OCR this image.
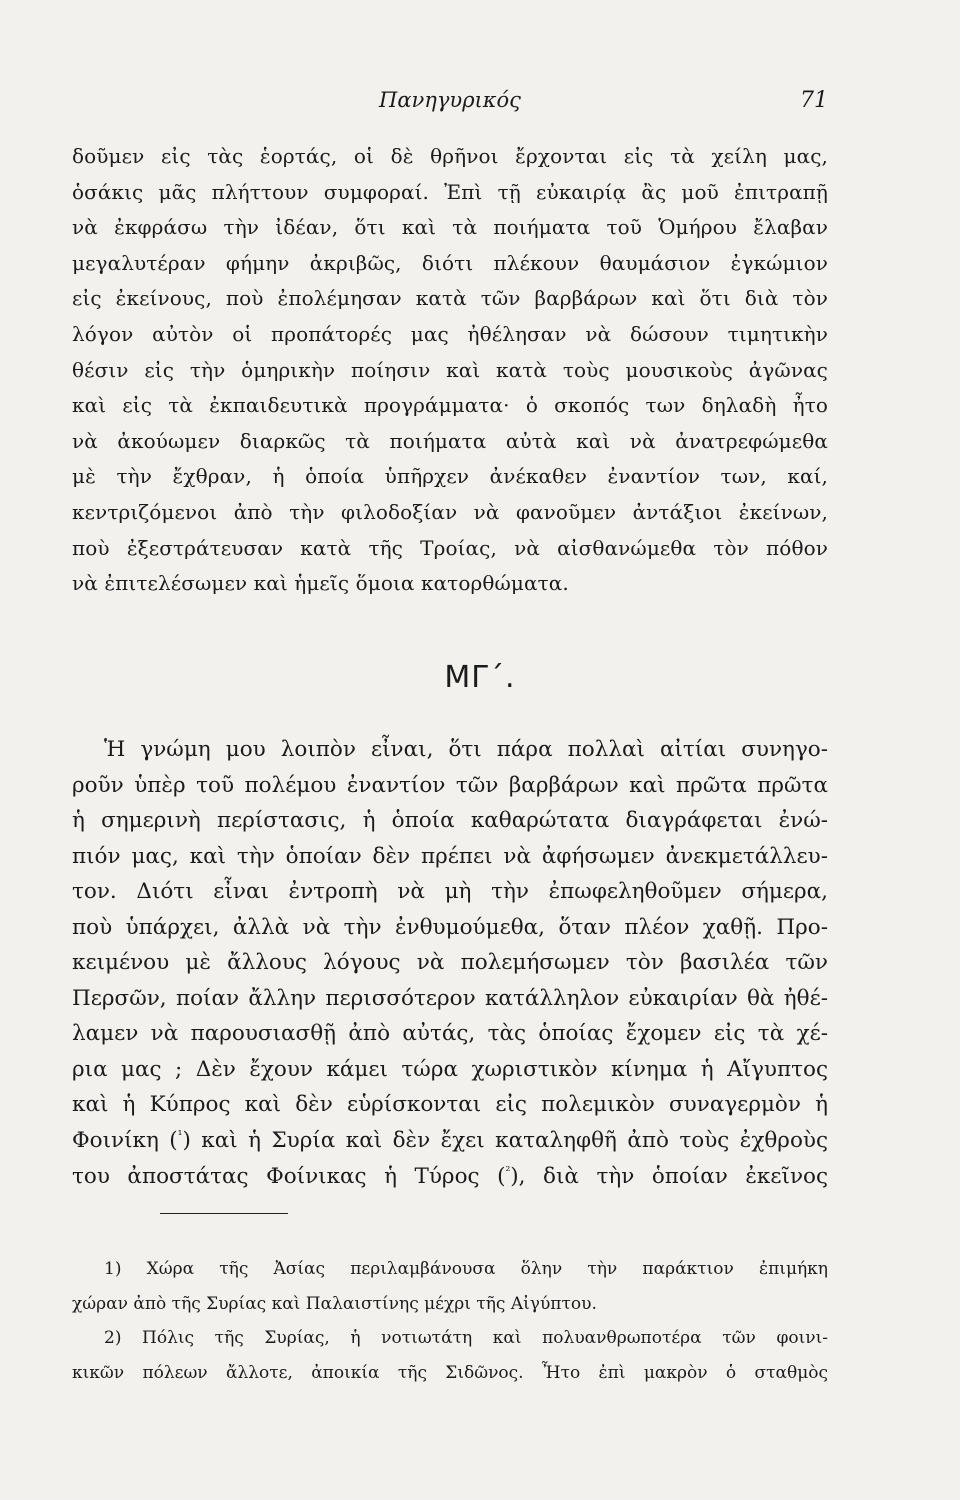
Πανηγυρικός	71
δοῦμεν εἰς τὰς ἑορτάς, οἱ δὲ θρῆνοι ἔρχονται εἰς τὰ χείλη μας,
ὁσάκις μᾶς πλήττουν συμφοραί. Ἐπὶ τῇ εὐκαιρίᾳ ἂς μοῦ ἐπιτραπῇ
νὰ ἐκφράσω τὴν ἰδέαν, ὅτι καὶ τὰ ποιήματα τοῦ Ὁμήρου ἔλαβαν
μεγαλυτέραν φήμην ἀκριβῶς, διότι πλέκουν θαυμάσιον ἐγκώμιον
εἰς ἐκείνους, ποὺ ἐπολέμησαν κατὰ τῶν βαρβάρων καὶ ὅτι διὰ τὸν
λόγον αὐτὸν οἱ προπάτορές μας ἠθέλησαν νὰ δώσουν τιμητικὴν
θέσιν εἰς τὴν ὁμηρικὴν ποίησιν καὶ κατὰ τοὺς μουσικοὺς ἀγῶνας
καὶ εἰς τὰ ἐκπαιδευτικὰ προγράμματα· ὁ σκοπός των δηλαδὴ ἦτο
νὰ ἀκούωμεν διαρκῶς τὰ ποιήματα αὐτὰ καὶ νὰ ἀνατρεφώμεθα
μὲ τὴν ἔχθραν, ἡ ὁποία ὑπῆρχεν ἀνέκαθεν ἐναντίον των, καί,
κεντριζόμενοι ἀπὸ τὴν φιλοδοξίαν νὰ φανοῦμεν ἀντάξιοι ἐκείνων,
ποὺ ἐξεστράτευσαν κατὰ τῆς Τροίας, νὰ αἰσθανώμεθα τὸν πόθον
νὰ ἐπιτελέσωμεν καὶ ἡμεῖς ὅμοια κατορθώματα.
ΜΓ΄.
Ἡ γνώμη μου λοιπὸν εἶναι, ὅτι πάρα πολλαὶ αἰτίαι συνηγο-
ροῦν ὑπὲρ τοῦ πολέμου ἐναντίον τῶν βαρβάρων καὶ πρῶτα πρῶτα
ἡ σημερινὴ περίστασις, ἡ ὁποία καθαρώτατα διαγράφεται ἐνώ-
πιόν μας, καὶ τὴν ὁποίαν δὲν πρέπει νὰ ἀφήσωμεν ἀνεκμετάλλευ-
τον. Διότι εἶναι ἐντροπὴ νὰ μὴ τὴν ἐπωφεληθοῦμεν σήμερα,
ποὺ ὑπάρχει, ἀλλὰ νὰ τὴν ἐνθυμούμεθα, ὅταν πλέον χαθῇ. Προ-
κειμένου μὲ ἄλλους λόγους νὰ πολεμήσωμεν τὸν βασιλέα τῶν
Περσῶν, ποίαν ἄλλην περισσότερον κατάλληλον εὐκαιρίαν θὰ ἠθέ-
λαμεν νὰ παρουσιασθῇ ἀπὸ αὐτάς, τὰς ὁποίας ἔχομεν εἰς τὰ χέ-
ρια μας ; Δὲν ἔχουν κάμει τώρα χωριστικὸν κίνημα ἡ Αἴγυπτος
καὶ ἡ Κύπρος καὶ δὲν εὑρίσκονται εἰς πολεμικὸν συναγερμὸν ἡ
Φοινίκη ($^{^1}$) καὶ ἡ Συρία καὶ δὲν ἔχει καταληφθῆ ἀπὸ τοὺς ἐχθροὺς
του ἀποστάτας Φοίνικας ἡ Τύρος ($^{^2}$), διὰ τὴν ὁποίαν ἐκεῖνος
1) Χώρα τῆς Ἀσίας περιλαμβάνουσα ὅλην τὴν παράκτιον ἐπιμήκη
χώραν ἀπὸ τῆς Συρίας καὶ Παλαιστίνης μέχρι τῆς Αἰγύπτου.
2) Πόλις τῆς Συρίας, ἡ νοτιωτάτη καὶ πολυανθρωποτέρα τῶν φοινι-
κικῶν πόλεων ἄλλοτε, ἀποικία τῆς Σιδῶνος. Ἦτο ἐπὶ μακρὸν ὁ σταθμὸς
